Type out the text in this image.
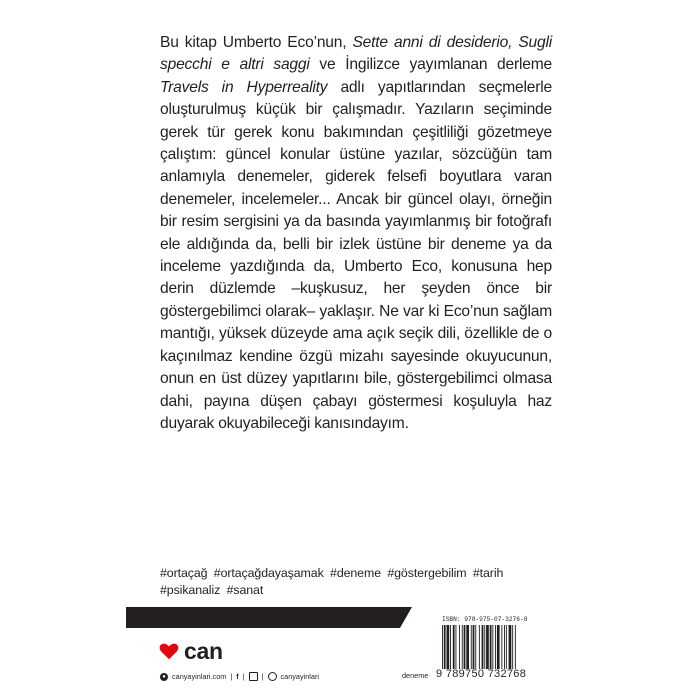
Bu kitap Umberto Eco’nun, Sette anni di desiderio, Sugli specchi e altri saggi ve İngilizce yayımlanan derleme Travels in Hyperreality adlı yapıtlarından seçmelerle oluşturulmuş küçük bir çalışmadır. Yazıların seçiminde gerek tür gerek konu bakımından çeşitliliği gözetmeye çalıştım: güncel konular üstüne yazılar, sözcüğün tam anlamıyla denemeler, giderek felsefi boyutlara varan denemeler, incelemeler... Ancak bir güncel olayı, örneğin bir resim sergisini ya da basında yayımlanmış bir fotoğrafı ele aldığında da, belli bir izlek üstüne bir deneme ya da inceleme yazdığında da, Umberto Eco, konusuna hep derin düzlemde –kuşkusuz, her şeyden önce bir göstergebilimci olarak– yaklaşır. Ne var ki Eco’nun sağlam mantığı, yüksek düzeyde ama açık seçik dili, özellikle de o kaçınılmaz kendine özgü mizahı sayesinde okuyucunun, onun en üst düzey yapıtlarını bile, göstergebilimci olmasa dahi, payına düşen çabayı göstermesi koşuluyla haz duyarak okuyabileceği kanısındayım.

# ortaçağ # ortaçağdayaşamak # deneme # göstergebilim # tarih
# psikanaliz # sanat
can
● canyayinlari.com | f | | canyayinlari	deneme
ISBN: 978-975-07-3276-8
9 789750 732768
